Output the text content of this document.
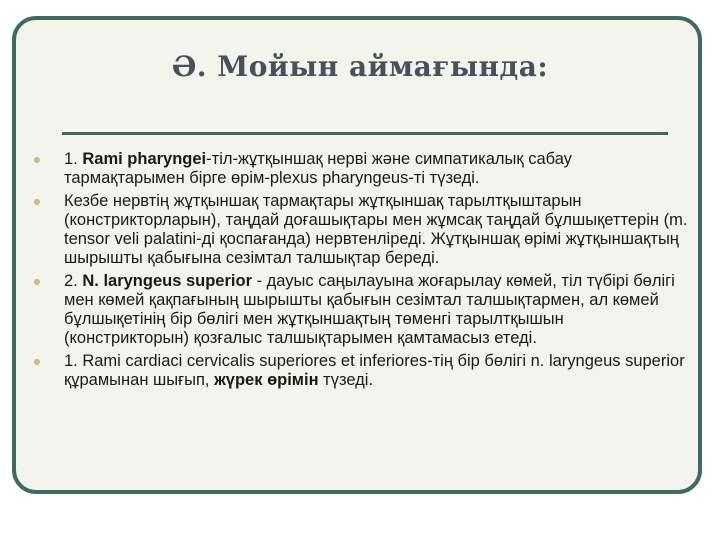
Ә. Мойын аймағында:
1. Rami pharyngei-тіл-жұтқыншақ нерві және симпатикалық сабау тармақтарымен бірге өрім-plexus pharyngeus-ті түзеді.
Кезбе нервтің жұтқыншақ тармақтары жұтқыншақ тарылтқыштарын (констрикторларын), таңдай доғашықтары мен жұмсақ таңдай бұлшықеттерін (m. tensor veli palatini-ді қоспағанда) нервтенліреді. Жұтқыншақ өрімі жұтқыншақтың шырышты қабығына сезімтал талшықтар береді.
2. N. laryngeus superior - дауыс саңылауына жоғарылау көмей, тіл түбірі бөлігі мен көмей қақпағының шырышты қабығын сезімтал талшықтармен, ал көмей бұлшықетінің бір бөлігі мен жұтқыншақтың төменгі тарылтқышын (констрикторын) қозғалыс талшықтарымен қамтамасыз етеді.
1. Rami cardiaci cervicalis superiores et inferiores-тің бір бөлігі n. laryngeus superior құрамынан шығып, жүрек өрімін түзеді.
